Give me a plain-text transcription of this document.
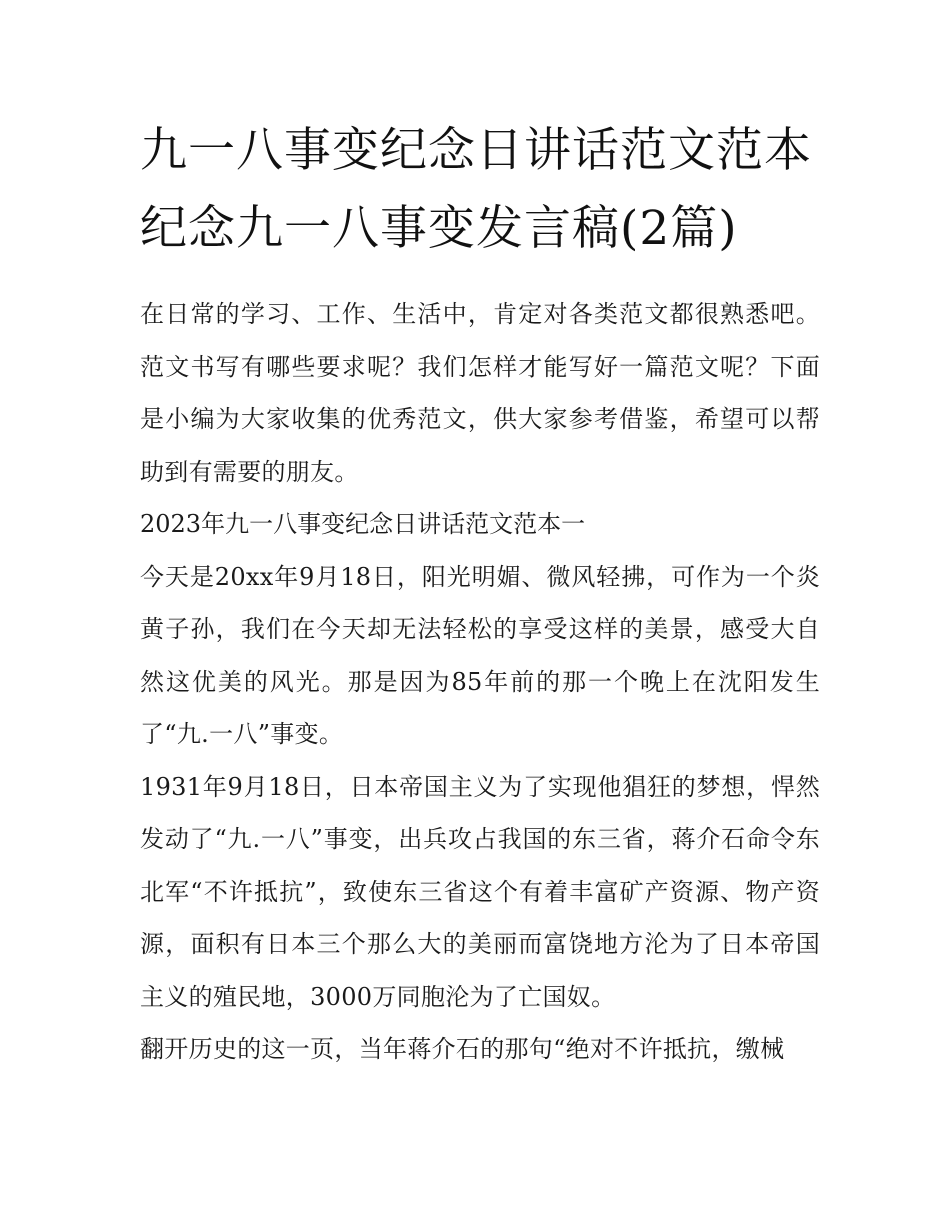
九一八事变纪念日讲话范文范本 纪念九一八事变发言稿(2篇)

在日常的学习、工作、生活中，肯定对各类范文都很熟悉吧。范文书写有哪些要求呢？我们怎样才能写好一篇范文呢？下面是小编为大家收集的优秀范文，供大家参考借鉴，希望可以帮助到有需要的朋友。

2023年九一八事变纪念日讲话范文范本一

今天是20xx年9月18日，阳光明媚、微风轻拂，可作为一个炎黄子孙，我们在今天却无法轻松的享受这样的美景，感受大自然这优美的风光。那是因为85年前的那一个晚上在沈阳发生了“九.一八”事变。

1931年9月18日，日本帝国主义为了实现他猖狂的梦想，悍然发动了“九.一八”事变，出兵攻占我国的东三省，蒋介石命令东北军“不许抵抗”，致使东三省这个有着丰富矿产资源、物产资源，面积有日本三个那么大的美丽而富饶地方沦为了日本帝国主义的殖民地，3000万同胞沦为了亡国奴。

翻开历史的这一页，当年蒋介石的那句“绝对不许抵抗，缴械
